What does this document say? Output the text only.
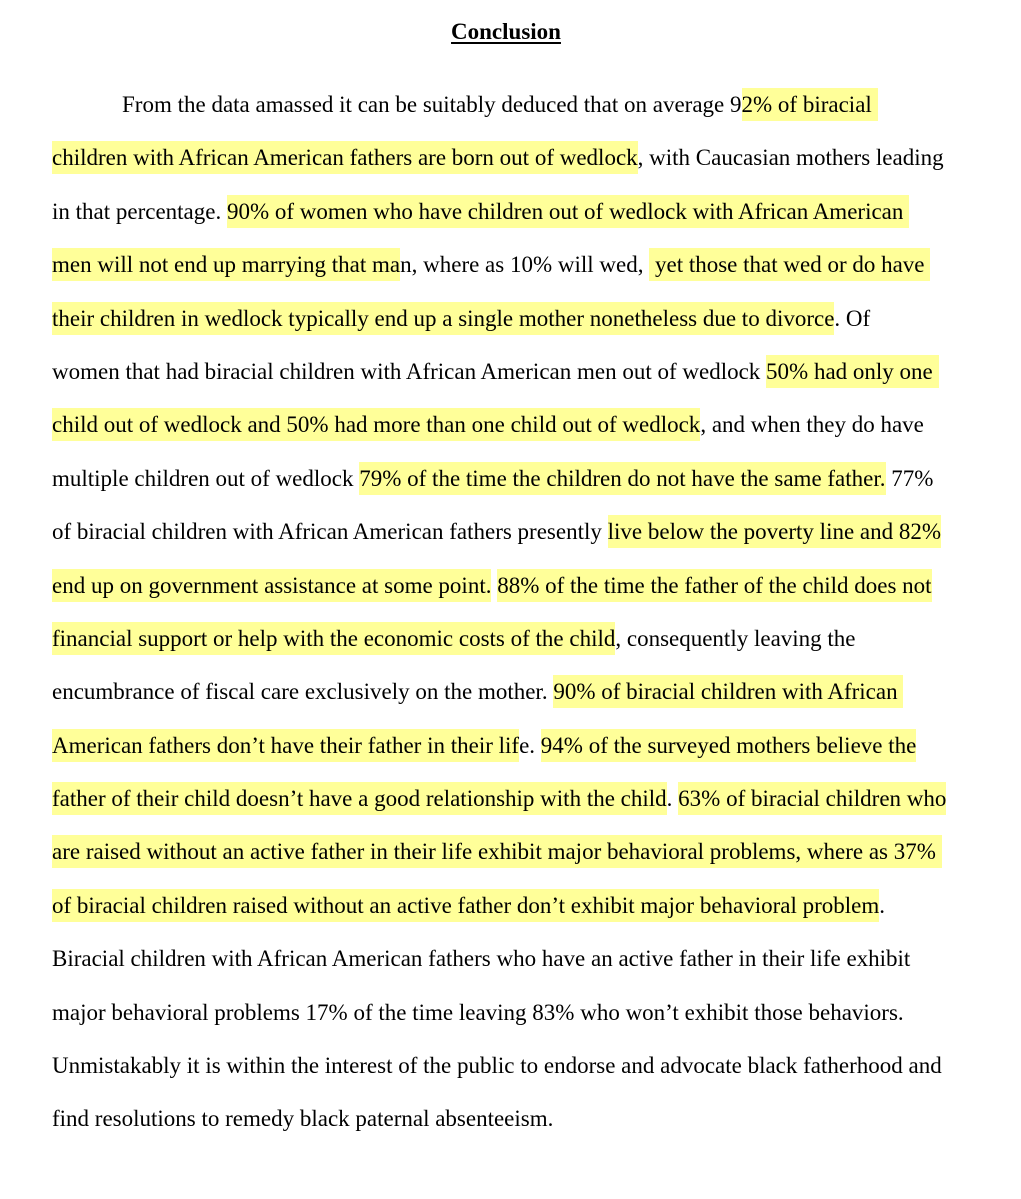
Conclusion
From the data amassed it can be suitably deduced that on average 92% of biracial
children with African American fathers are born out of wedlock, with Caucasian mothers leading
in that percentage. 90% of women who have children out of wedlock with African American
men will not end up marrying that man, where as 10% will wed,  yet those that wed or do have
their children in wedlock typically end up a single mother nonetheless due to divorce. Of
women that had biracial children with African American men out of wedlock 50% had only one
child out of wedlock and 50% had more than one child out of wedlock, and when they do have
multiple children out of wedlock 79% of the time the children do not have the same father. 77%
of biracial children with African American fathers presently live below the poverty line and 82%
end up on government assistance at some point. 88% of the time the father of the child does not
financial support or help with the economic costs of the child, consequently leaving the
encumbrance of fiscal care exclusively on the mother. 90% of biracial children with African
American fathers don’t have their father in their life. 94% of the surveyed mothers believe the
father of their child doesn’t have a good relationship with the child. 63% of biracial children who
are raised without an active father in their life exhibit major behavioral problems, where as 37%
of biracial children raised without an active father don’t exhibit major behavioral problem.
Biracial children with African American fathers who have an active father in their life exhibit
major behavioral problems 17% of the time leaving 83% who won’t exhibit those behaviors.
Unmistakably it is within the interest of the public to endorse and advocate black fatherhood and
find resolutions to remedy black paternal absenteeism.
